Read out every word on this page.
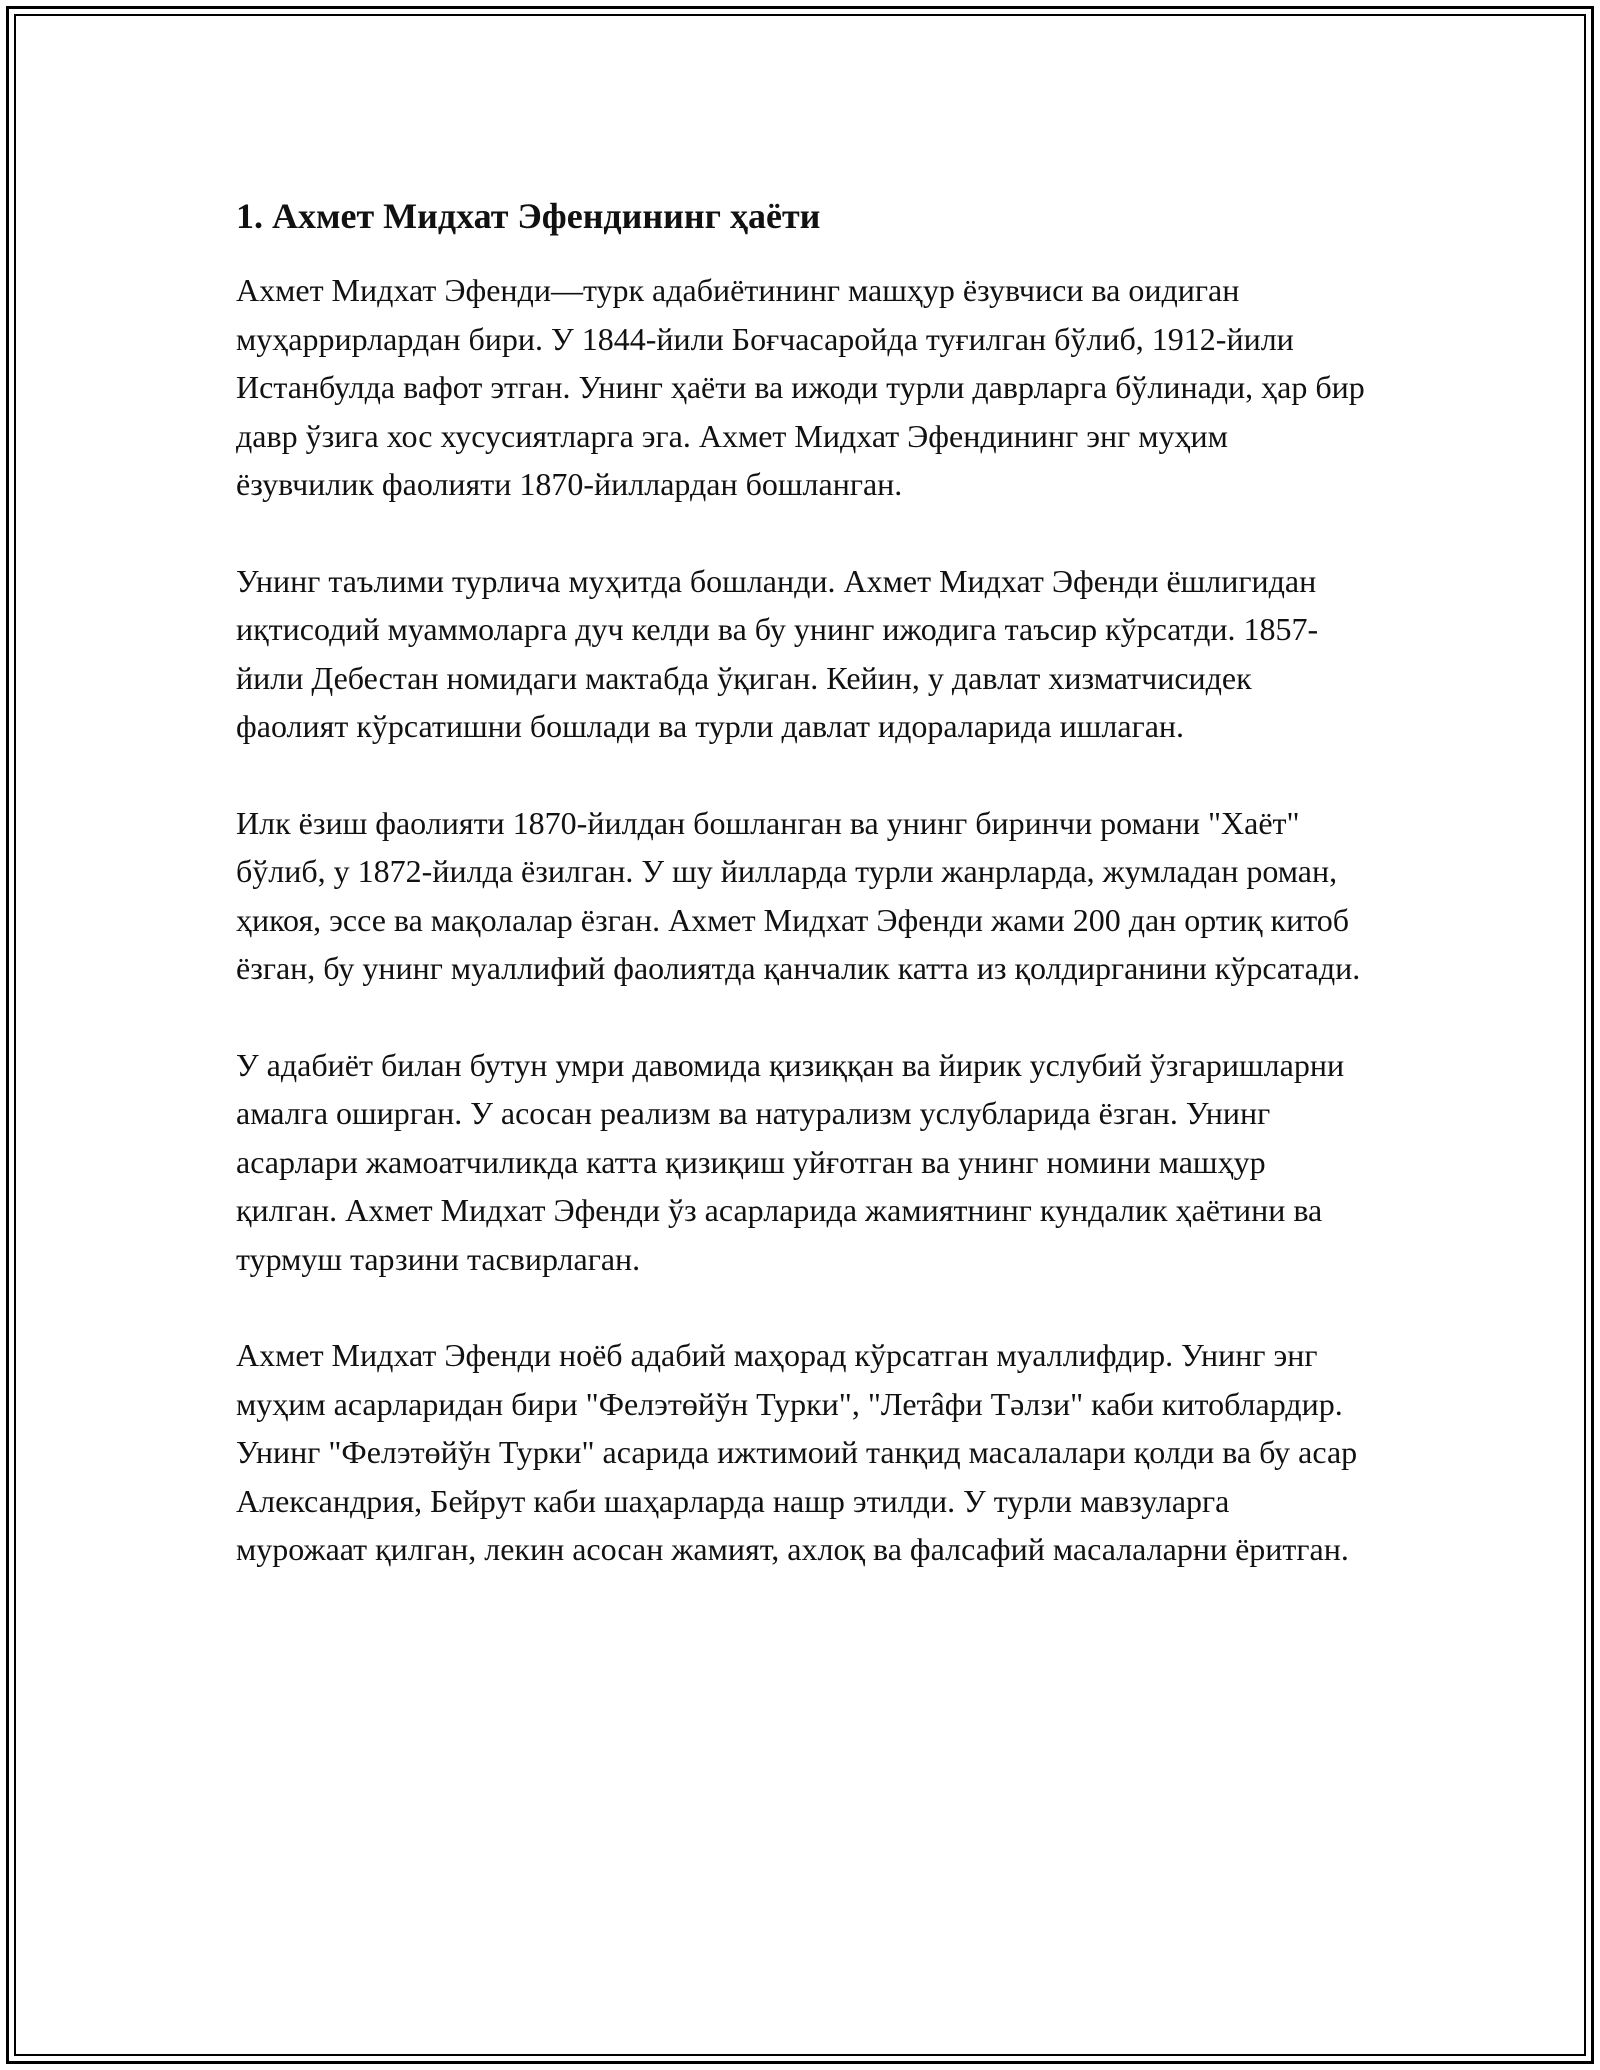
1. Ахмет Мидхат Эфендининг ҳаёти

Ахмет Мидхат Эфенди—турк адабиётининг машҳур ёзувчиси ва оидиган муҳаррирлардан бири. У 1844-йили Боғчасаройда туғилган бўлиб, 1912-йили Истанбулда вафот этган. Унинг ҳаёти ва ижоди турли даврларга бўлинади, ҳар бир давр ўзига хос хусусиятларга эга. Ахмет Мидхат Эфендининг энг муҳим ёзувчилик фаолияти 1870-йиллардан бошланган.

Унинг таълими турлича муҳитда бошланди. Ахмет Мидхат Эфенди ёшлигидан иқтисодий муаммоларга дуч келди ва бу унинг ижодига таъсир кўрсатди. 1857-йили Дебестан номидаги мактабда ўқиган. Кейин, у давлат хизматчисидек фаолият кўрсатишни бошлади ва турли давлат идораларида ишлаган.

Илк ёзиш фаолияти 1870-йилдан бошланган ва унинг биринчи романи "Хаёт" бўлиб, у 1872-йилда ёзилган. У шу йилларда турли жанрларда, жумладан роман, ҳикоя, эссе ва мақолалар ёзган. Ахмет Мидхат Эфенди жами 200 дан ортиқ китоб ёзган, бу унинг муаллифий фаолиятда қанчалик катта из қолдирганини кўрсатади.

У адабиёт билан бутун умри давомида қизиққан ва йирик услубий ўзгаришларни амалга оширган. У асосан реализм ва натурализм услубларида ёзган. Унинг асарлари жамоатчиликда катта қизиқиш уйғотган ва унинг номини машҳур қилган. Ахмет Мидхат Эфенди ўз асарларида жамиятнинг кундалик ҳаётини ва турмуш тарзини тасвирлаган.

Ахмет Мидхат Эфенди ноёб адабий маҳорад кўрсатган муаллифдир. Унинг энг муҳим асарларидан бири "Фелэтөйўн Турки", "Летâфи Тәлзи" каби китоблардир. Унинг "Фелэтөйўн Турки" асарида ижтимоий танқид масалалари қолди ва бу асар Александрия, Бейрут каби шаҳарларда нашр этилди. У турли мавзуларга мурожаат қилган, лекин асосан жамият, ахлоқ ва фалсафий масалаларни ёритган.
